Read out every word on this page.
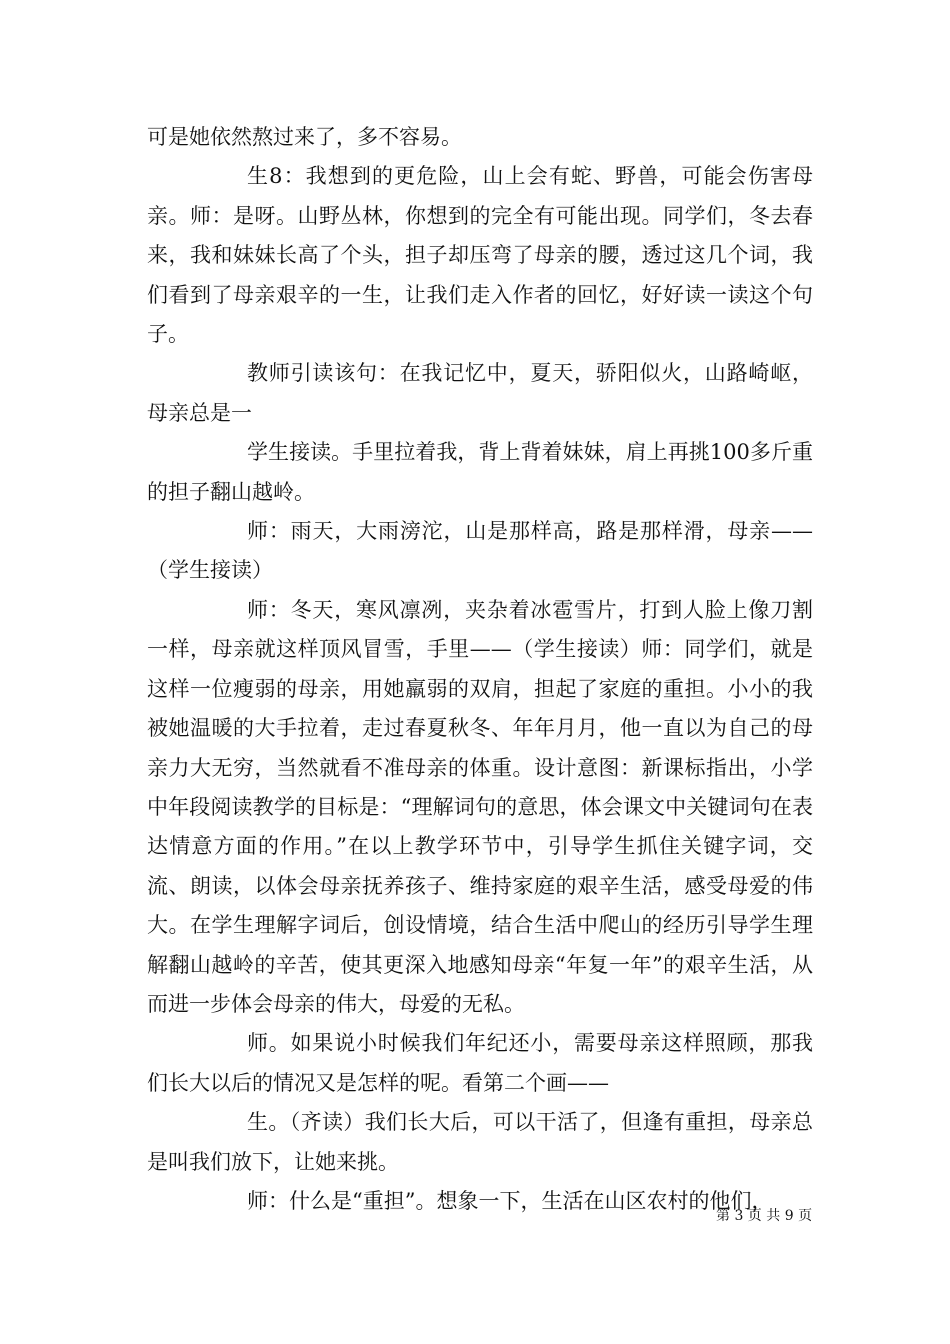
可是她依然熬过来了，多不容易。

生8：我想到的更危险，山上会有蛇、野兽，可能会伤害母亲。师：是呀。山野丛林，你想到的完全有可能出现。同学们，冬去春来，我和妹妹长高了个头，担子却压弯了母亲的腰，透过这几个词，我们看到了母亲艰辛的一生，让我们走入作者的回忆，好好读一读这个句子。

教师引读该句：在我记忆中，夏天，骄阳似火，山路崎岖，母亲总是一

学生接读。手里拉着我，背上背着妹妹，肩上再挑100多斤重的担子翻山越岭。

师：雨天，大雨滂沱，山是那样高，路是那样滑，母亲——（学生接读）

师：冬天，寒风凛冽，夹杂着冰雹雪片，打到人脸上像刀割一样，母亲就这样顶风冒雪，手里——（学生接读）师：同学们，就是这样一位瘦弱的母亲，用她羸弱的双肩，担起了家庭的重担。小小的我被她温暖的大手拉着，走过春夏秋冬、年年月月，他一直以为自己的母亲力大无穷，当然就看不准母亲的体重。设计意图：新课标指出，小学中年段阅读教学的目标是：“理解词句的意思，体会课文中关键词句在表达情意方面的作用。”在以上教学环节中，引导学生抓住关键字词，交流、朗读，以体会母亲抚养孩子、维持家庭的艰辛生活，感受母爱的伟大。在学生理解字词后，创设情境，结合生活中爬山的经历引导学生理解翻山越岭的辛苦，使其更深入地感知母亲“年复一年”的艰辛生活，从而进一步体会母亲的伟大，母爱的无私。

师。如果说小时候我们年纪还小，需要母亲这样照顾，那我们长大以后的情况又是怎样的呢。看第二个画——

生。（齐读）我们长大后，可以干活了，但逢有重担，母亲总是叫我们放下，让她来挑。

师：什么是“重担”。想象一下，生活在山区农村的他们，

第 3 页 共 9 页
